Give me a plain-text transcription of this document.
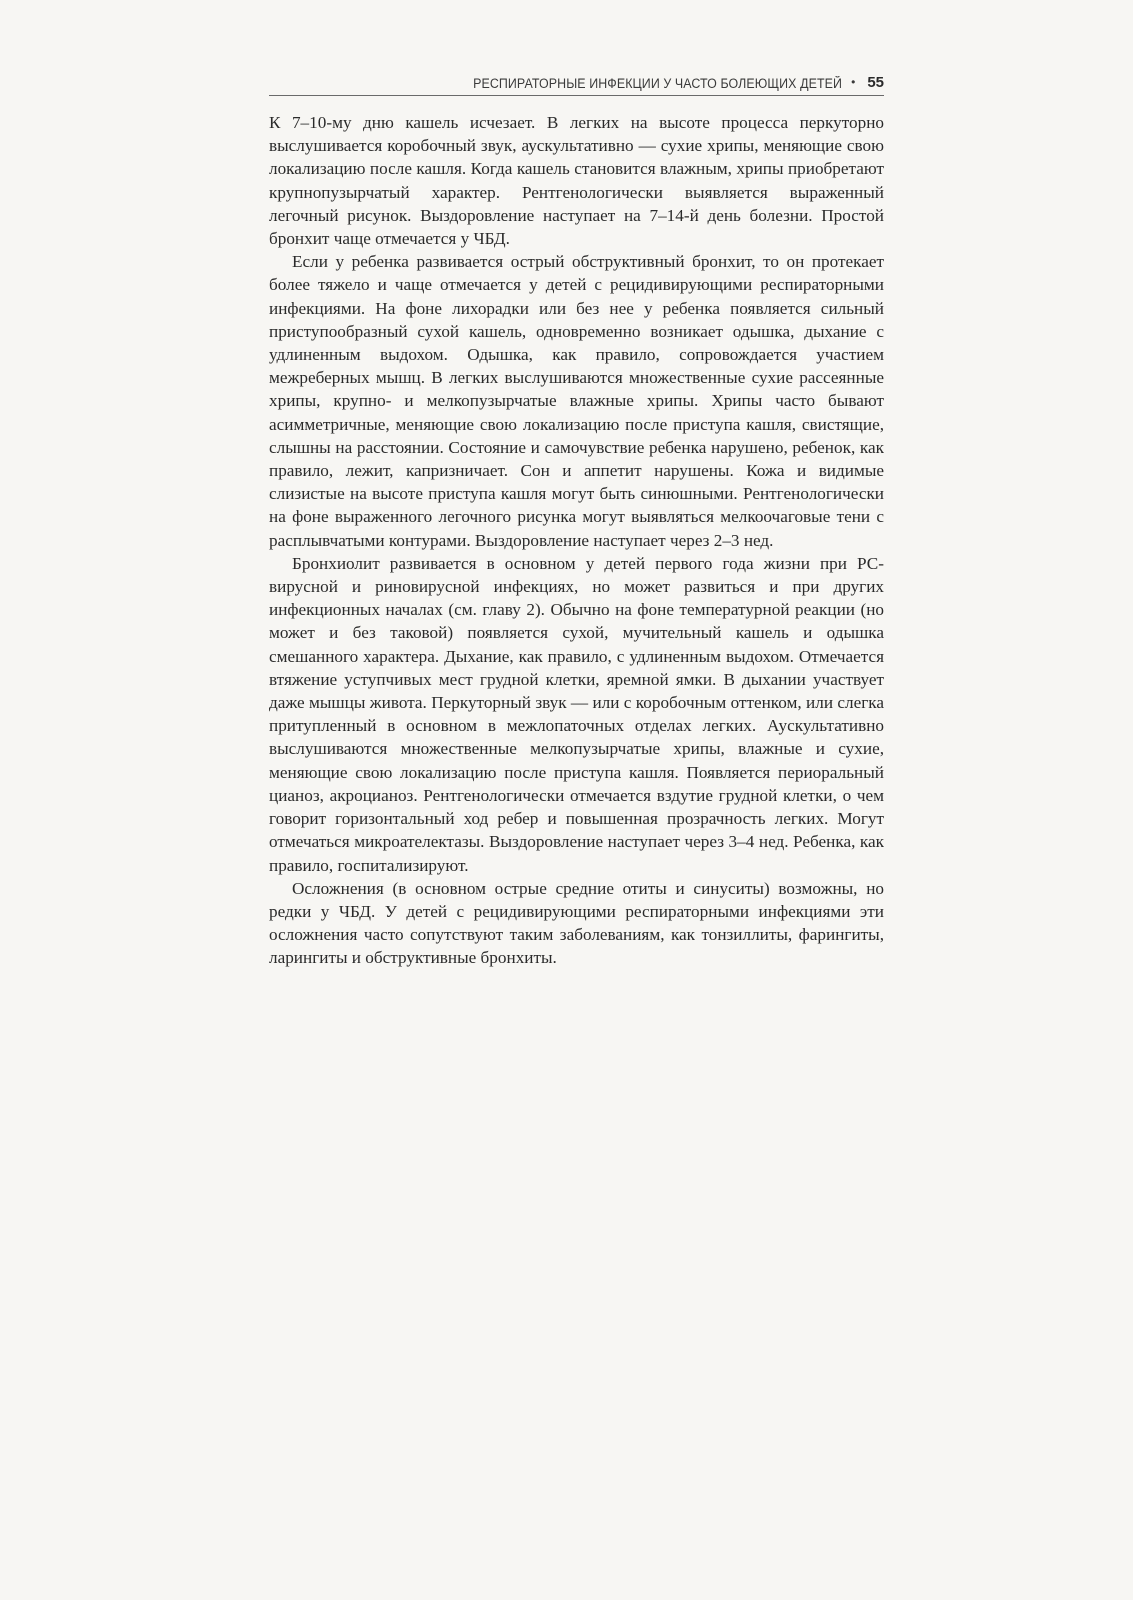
РЕСПИРАТОРНЫЕ ИНФЕКЦИИ У ЧАСТО БОЛЕЮЩИХ ДЕТЕЙ • 55

К 7–10-му дню кашель исчезает. В легких на высоте процесса перкуторно выслушивается коробочный звук, аускультативно — сухие хрипы, меняющие свою локализацию после кашля. Когда кашель становится влажным, хрипы приобретают крупнопузырчатый характер. Рентгенологически выявляется выраженный легочный рисунок. Выздоровление наступает на 7–14-й день болезни. Простой бронхит чаще отмечается у ЧБД.

Если у ребенка развивается острый обструктивный бронхит, то он протекает более тяжело и чаще отмечается у детей с рецидивирующими респираторными инфекциями. На фоне лихорадки или без нее у ребенка появляется сильный приступообразный сухой кашель, одновременно возникает одышка, дыхание с удлиненным выдохом. Одышка, как правило, сопровождается участием межреберных мышц. В легких выслушиваются множественные сухие рассеянные хрипы, крупно- и мелкопузырчатые влажные хрипы. Хрипы часто бывают асимметричные, меняющие свою локализацию после приступа кашля, свистящие, слышны на расстоянии. Состояние и самочувствие ребенка нарушено, ребенок, как правило, лежит, капризничает. Сон и аппетит нарушены. Кожа и видимые слизистые на высоте приступа кашля могут быть синюшными. Рентгенологически на фоне выраженного легочного рисунка могут выявляться мелкоочаговые тени с расплывчатыми контурами. Выздоровление наступает через 2–3 нед.

Бронхиолит развивается в основном у детей первого года жизни при РС-вирусной и риновирусной инфекциях, но может развиться и при других инфекционных началах (см. главу 2). Обычно на фоне температурной реакции (но может и без таковой) появляется сухой, мучительный кашель и одышка смешанного характера. Дыхание, как правило, с удлиненным выдохом. Отмечается втяжение уступчивых мест грудной клетки, яремной ямки. В дыхании участвует даже мышцы живота. Перкуторный звук — или с коробочным оттенком, или слегка притупленный в основном в межлопаточных отделах легких. Аускультативно выслушиваются множественные мелкопузырчатые хрипы, влажные и сухие, меняющие свою локализацию после приступа кашля. Появляется периоральный цианоз, акроцианоз. Рентгенологически отмечается вздутие грудной клетки, о чем говорит горизонтальный ход ребер и повышенная прозрачность легких. Могут отмечаться микроателектазы. Выздоровление наступает через 3–4 нед. Ребенка, как правило, госпитализируют.

Осложнения (в основном острые средние отиты и синуситы) возможны, но редки у ЧБД. У детей с рецидивирующими респираторными инфекциями эти осложнения часто сопутствуют таким заболеваниям, как тонзиллиты, фарингиты, ларингиты и обструктивные бронхиты.
